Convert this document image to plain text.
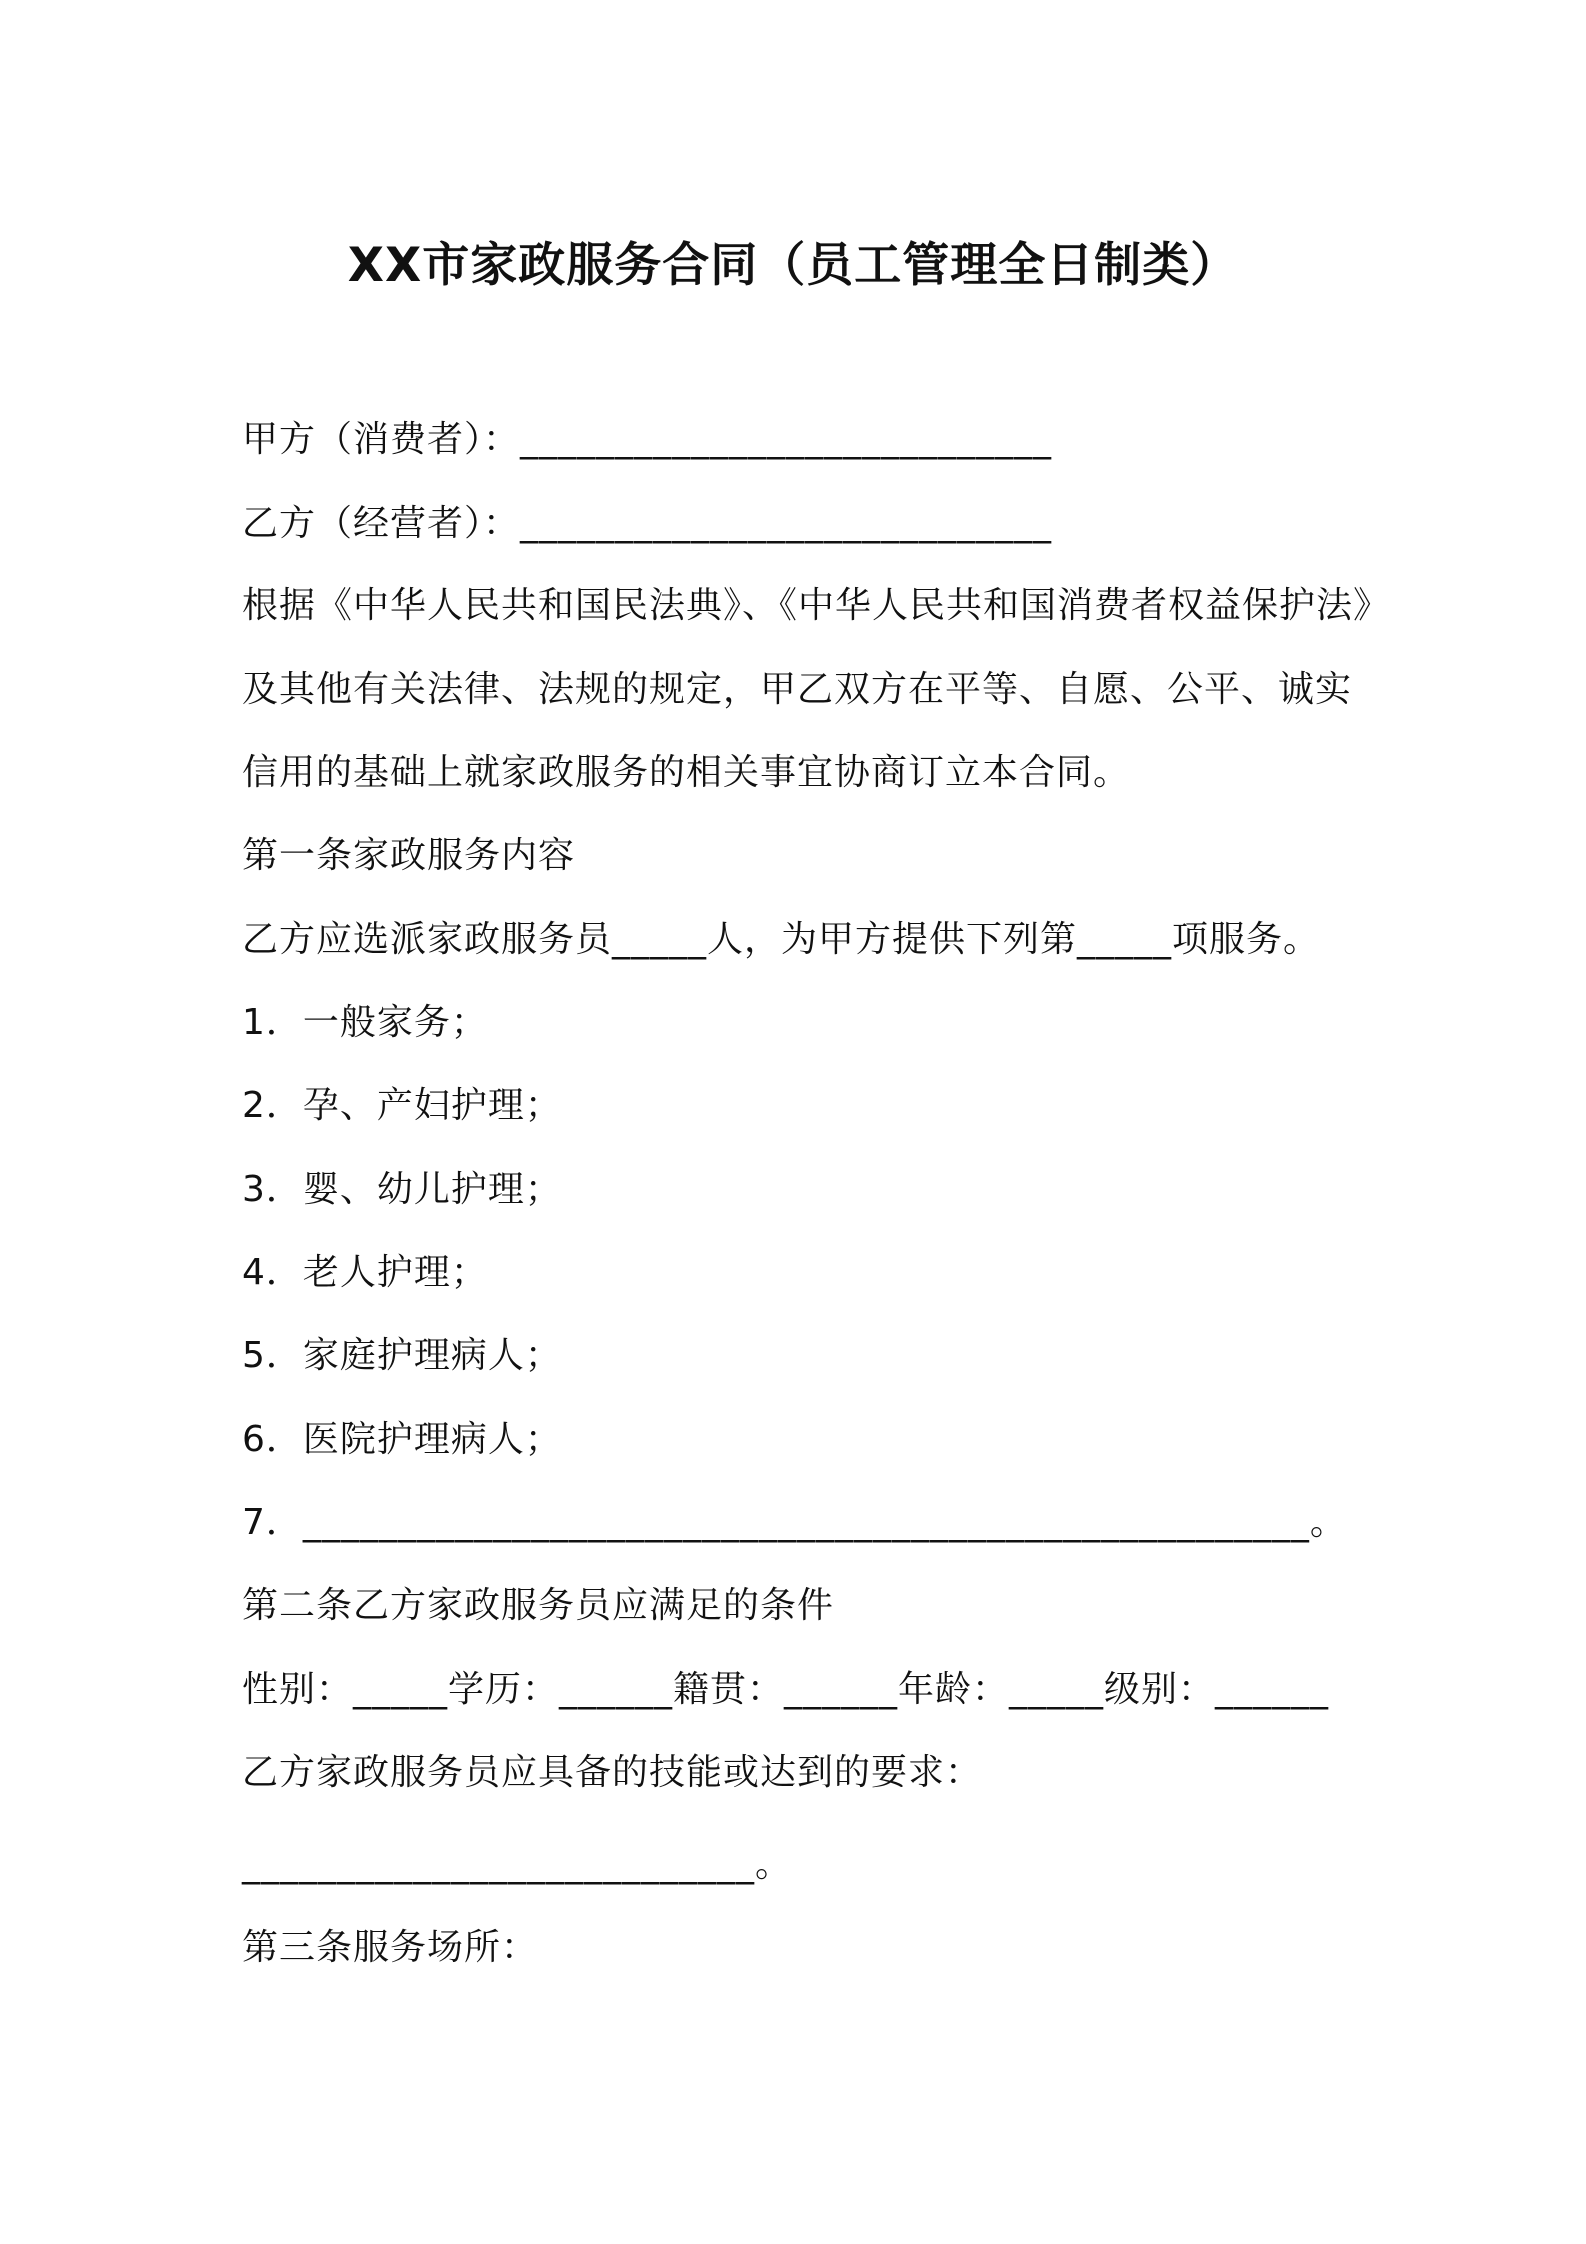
XX市家政服务合同（员工管理全日制类）
甲方（消费者）：____________________________
乙方（经营者）：____________________________
根据《中华人民共和国民法典》、《中华人民共和国消费者权益保护法》
及其他有关法律、法规的规定，甲乙双方在平等、自愿、公平、诚实
信用的基础上就家政服务的相关事宜协商订立本合同。
第一条家政服务内容
乙方应选派家政服务员_____人，为甲方提供下列第_____项服务。
1．一般家务；
2．孕、产妇护理；
3．婴、幼儿护理；
4．老人护理；
5．家庭护理病人；
6．医院护理病人；
7．_____________________________________________________。
第二条乙方家政服务员应满足的条件
性别：_____学历：______籍贯：______年龄：_____级别：______
乙方家政服务员应具备的技能或达到的要求：
___________________________。
第三条服务场所：
